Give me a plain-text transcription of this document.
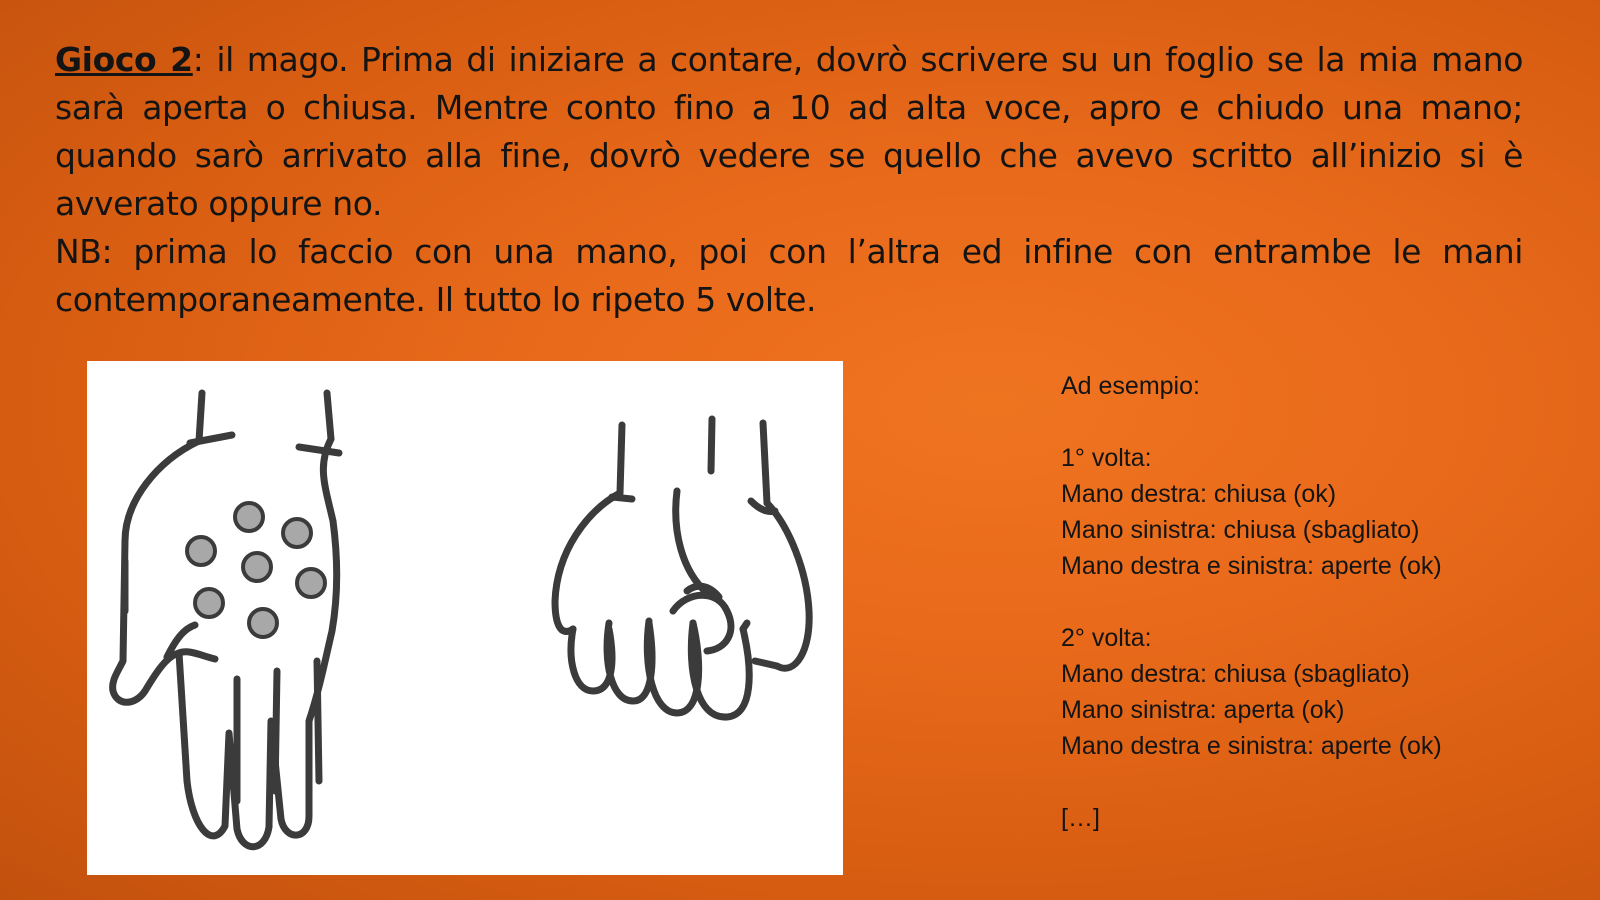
Gioco 2: il mago. Prima di iniziare a contare, dovrò scrivere su un foglio se la mia mano sarà aperta o chiusa. Mentre conto fino a 10 ad alta voce, apro e chiudo una mano; quando sarò arrivato alla fine, dovrò vedere se quello che avevo scritto all’inizio si è avverato oppure no.

NB: prima lo faccio con una mano, poi con l’altra ed infine con entrambe le mani contemporaneamente. Il tutto lo ripeto 5 volte.

Ad esempio:
1° volta:
Mano destra: chiusa (ok)
Mano sinistra: chiusa (sbagliato)
Mano destra e sinistra: aperte (ok)
2° volta:
Mano destra: chiusa (sbagliato)
Mano sinistra: aperta (ok)
Mano destra e sinistra: aperte (ok)
[…]
